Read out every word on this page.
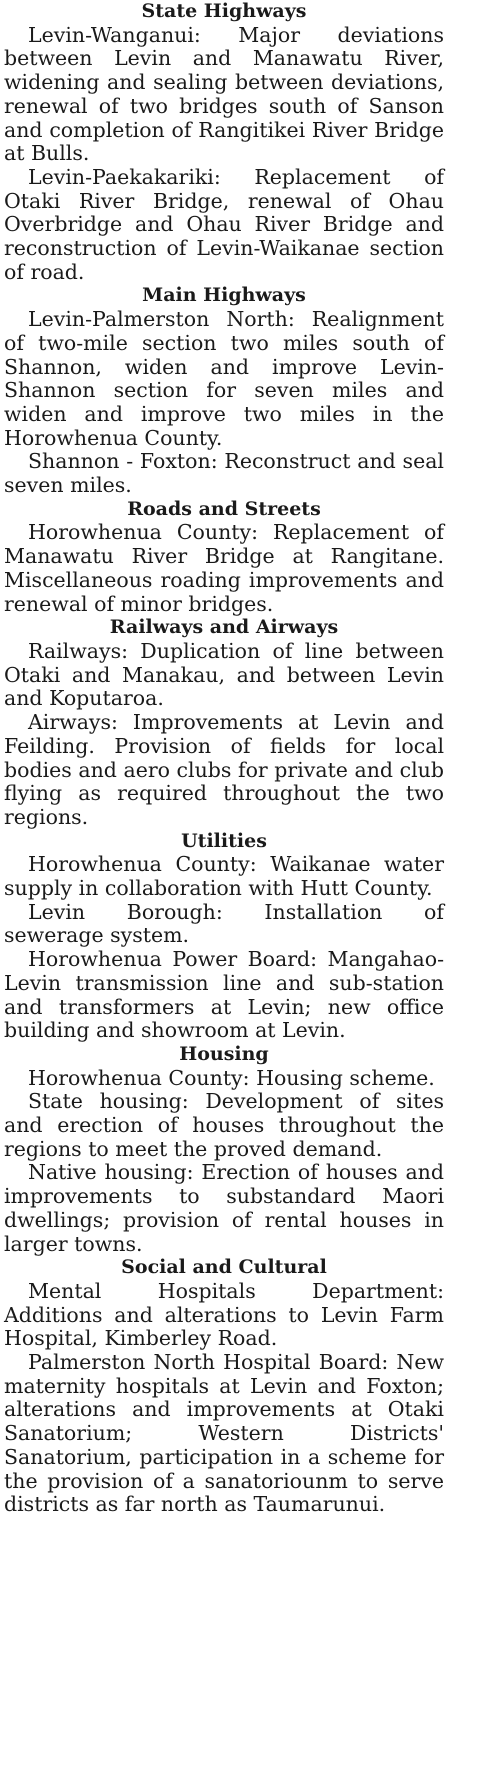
State Highways

Levin-Wanganui: Major deviations between Levin and Manawatu River, widening and sealing between deviations, renewal of two bridges south of Sanson and completion of Rangitikei River Bridge at Bulls.

Levin-Paekakariki: Replacement of Otaki River Bridge, renewal of Ohau Overbridge and Ohau River Bridge and reconstruction of Levin-Waikanae section of road.

Main Highways

Levin-Palmerston North: Realignment of two-mile section two miles south of Shannon, widen and improve Levin-Shannon section for seven miles and widen and improve two miles in the Horowhenua County.

Shannon - Foxton: Reconstruct and seal seven miles.

Roads and Streets

Horowhenua County: Replacement of Manawatu River Bridge at Rangitane. Miscellaneous roading improvements and renewal of minor bridges.

Railways and Airways

Railways: Duplication of line between Otaki and Manakau, and between Levin and Koputaroa.

Airways: Improvements at Levin and Feilding. Provision of fields for local bodies and aero clubs for private and club flying as required throughout the two regions.

Utilities

Horowhenua County: Waikanae water supply in collaboration with Hutt County.

Levin Borough: Installation of sewerage system.

Horowhenua Power Board: Mangahao-Levin transmission line and sub-station and transformers at Levin; new office building and showroom at Levin.

Housing

Horowhenua County: Housing scheme.

State housing: Development of sites and erection of houses throughout the regions to meet the proved demand.

Native housing: Erection of houses and improvements to substandard Maori dwellings; provision of rental houses in larger towns.

Social and Cultural

Mental Hospitals Department: Additions and alterations to Levin Farm Hospital, Kimberley Road.

Palmerston North Hospital Board: New maternity hospitals at Levin and Foxton; alterations and improvements at Otaki Sanatorium; Western Districts' Sanatorium, participation in a scheme for the provision of a sanatoriounm to serve districts as far north as Taumarunui.
